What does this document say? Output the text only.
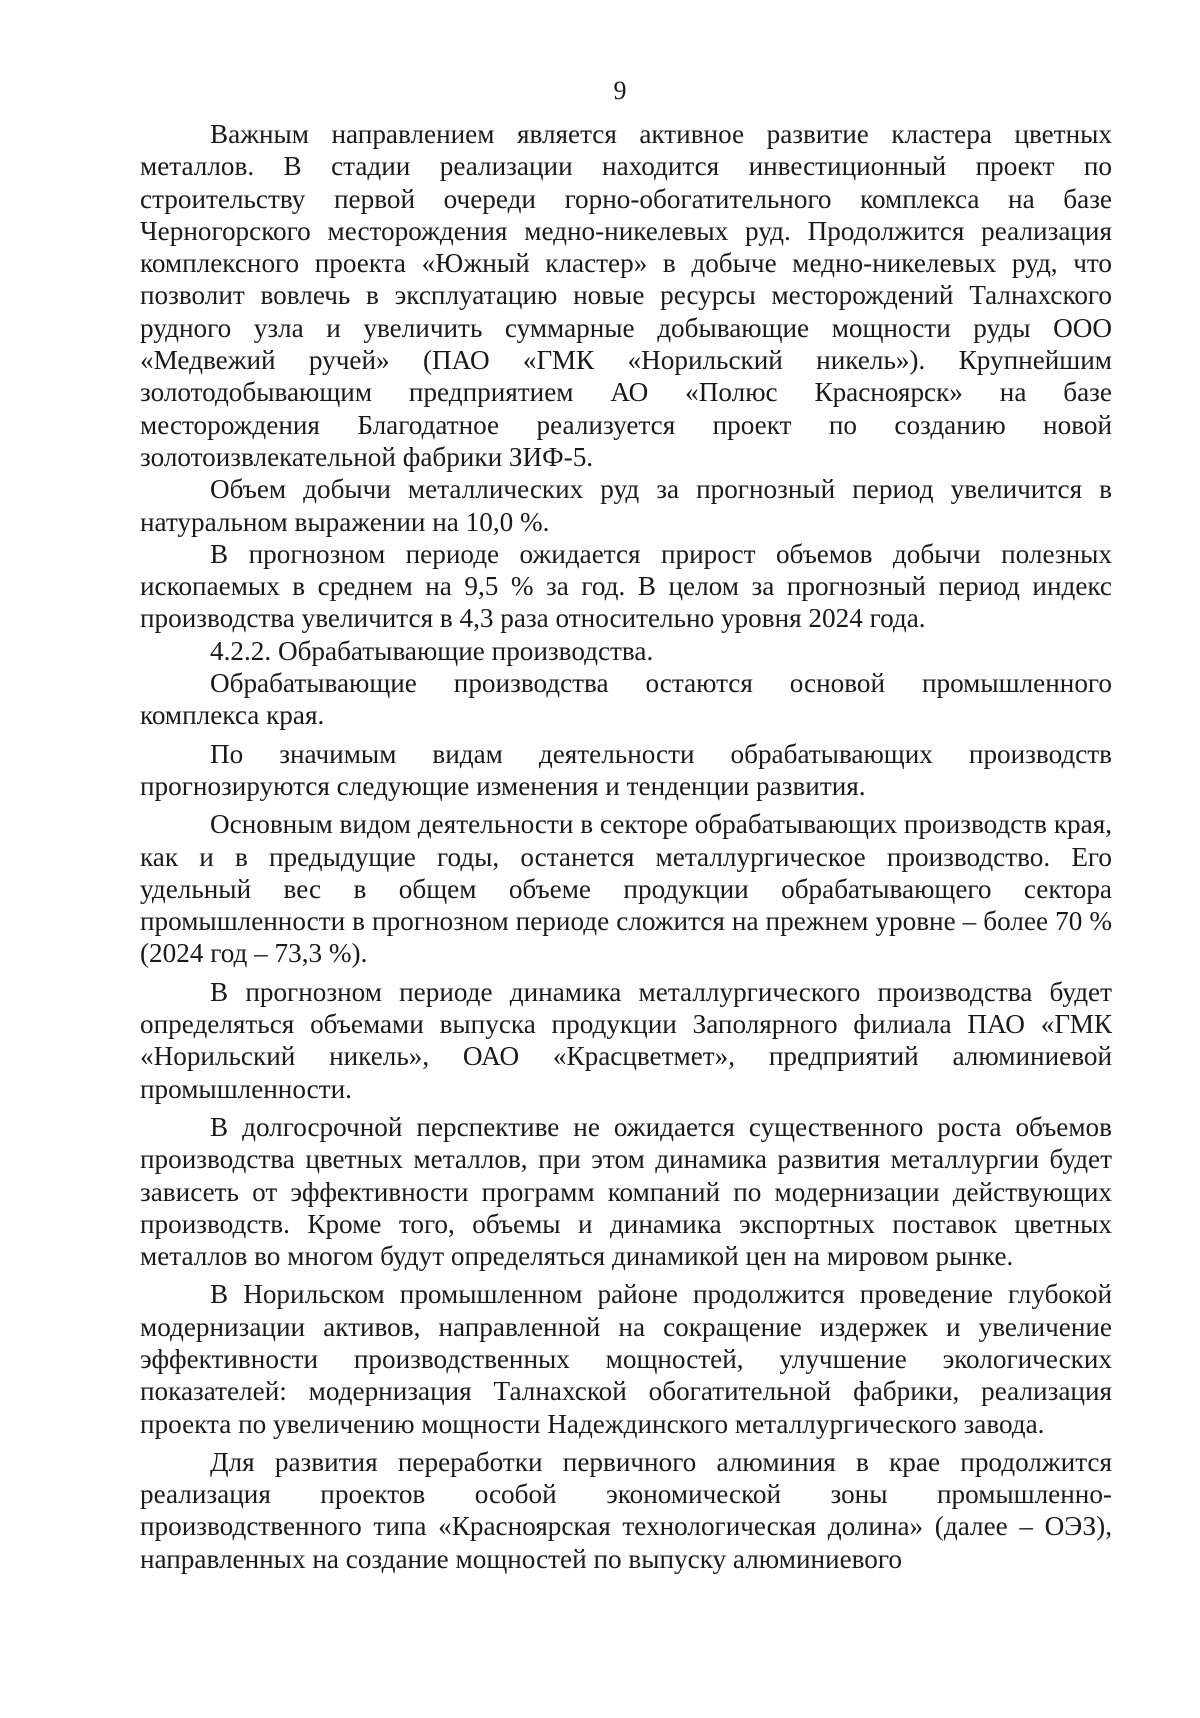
9

Важным направлением является активное развитие кластера цветных металлов. В стадии реализации находится инвестиционный проект по строительству первой очереди горно-обогатительного комплекса на базе Черногорского месторождения медно-никелевых руд. Продолжится реализация комплексного проекта «Южный кластер» в добыче медно-никелевых руд, что позволит вовлечь в эксплуатацию новые ресурсы месторождений Талнахского рудного узла и увеличить суммарные добывающие мощности руды ООО «Медвежий ручей» (ПАО «ГМК «Норильский никель»). Крупнейшим золотодобывающим предприятием АО «Полюс Красноярск» на базе месторождения Благодатное реализуется проект по созданию новой золотоизвлекательной фабрики ЗИФ-5.

Объем добычи металлических руд за прогнозный период увеличится в натуральном выражении на 10,0 %.

В прогнозном периоде ожидается прирост объемов добычи полезных ископаемых в среднем на 9,5 % за год. В целом за прогнозный период индекс производства увеличится в 4,3 раза относительно уровня 2024 года.

4.2.2. Обрабатывающие производства.

Обрабатывающие производства остаются основой промышленного комплекса края.

По значимым видам деятельности обрабатывающих производств прогнозируются следующие изменения и тенденции развития.

Основным видом деятельности в секторе обрабатывающих производств края, как и в предыдущие годы, останется металлургическое производство. Его удельный вес в общем объеме продукции обрабатывающего сектора промышленности в прогнозном периоде сложится на прежнем уровне – более 70 % (2024 год – 73,3 %).

В прогнозном периоде динамика металлургического производства будет определяться объемами выпуска продукции Заполярного филиала ПАО «ГМК «Норильский никель», ОАО «Красцветмет», предприятий алюминиевой промышленности.

В долгосрочной перспективе не ожидается существенного роста объемов производства цветных металлов, при этом динамика развития металлургии будет зависеть от эффективности программ компаний по модернизации действующих производств. Кроме того, объемы и динамика экспортных поставок цветных металлов во многом будут определяться динамикой цен на мировом рынке.

В Норильском промышленном районе продолжится проведение глубокой модернизации активов, направленной на сокращение издержек и увеличение эффективности производственных мощностей, улучшение экологических показателей: модернизация Талнахской обогатительной фабрики, реализация проекта по увеличению мощности Надеждинского металлургического завода.

Для развития переработки первичного алюминия в крае продолжится реализация проектов особой экономической зоны промышленно-производственного типа «Красноярская технологическая долина» (далее – ОЭЗ), направленных на создание мощностей по выпуску алюминиевого
